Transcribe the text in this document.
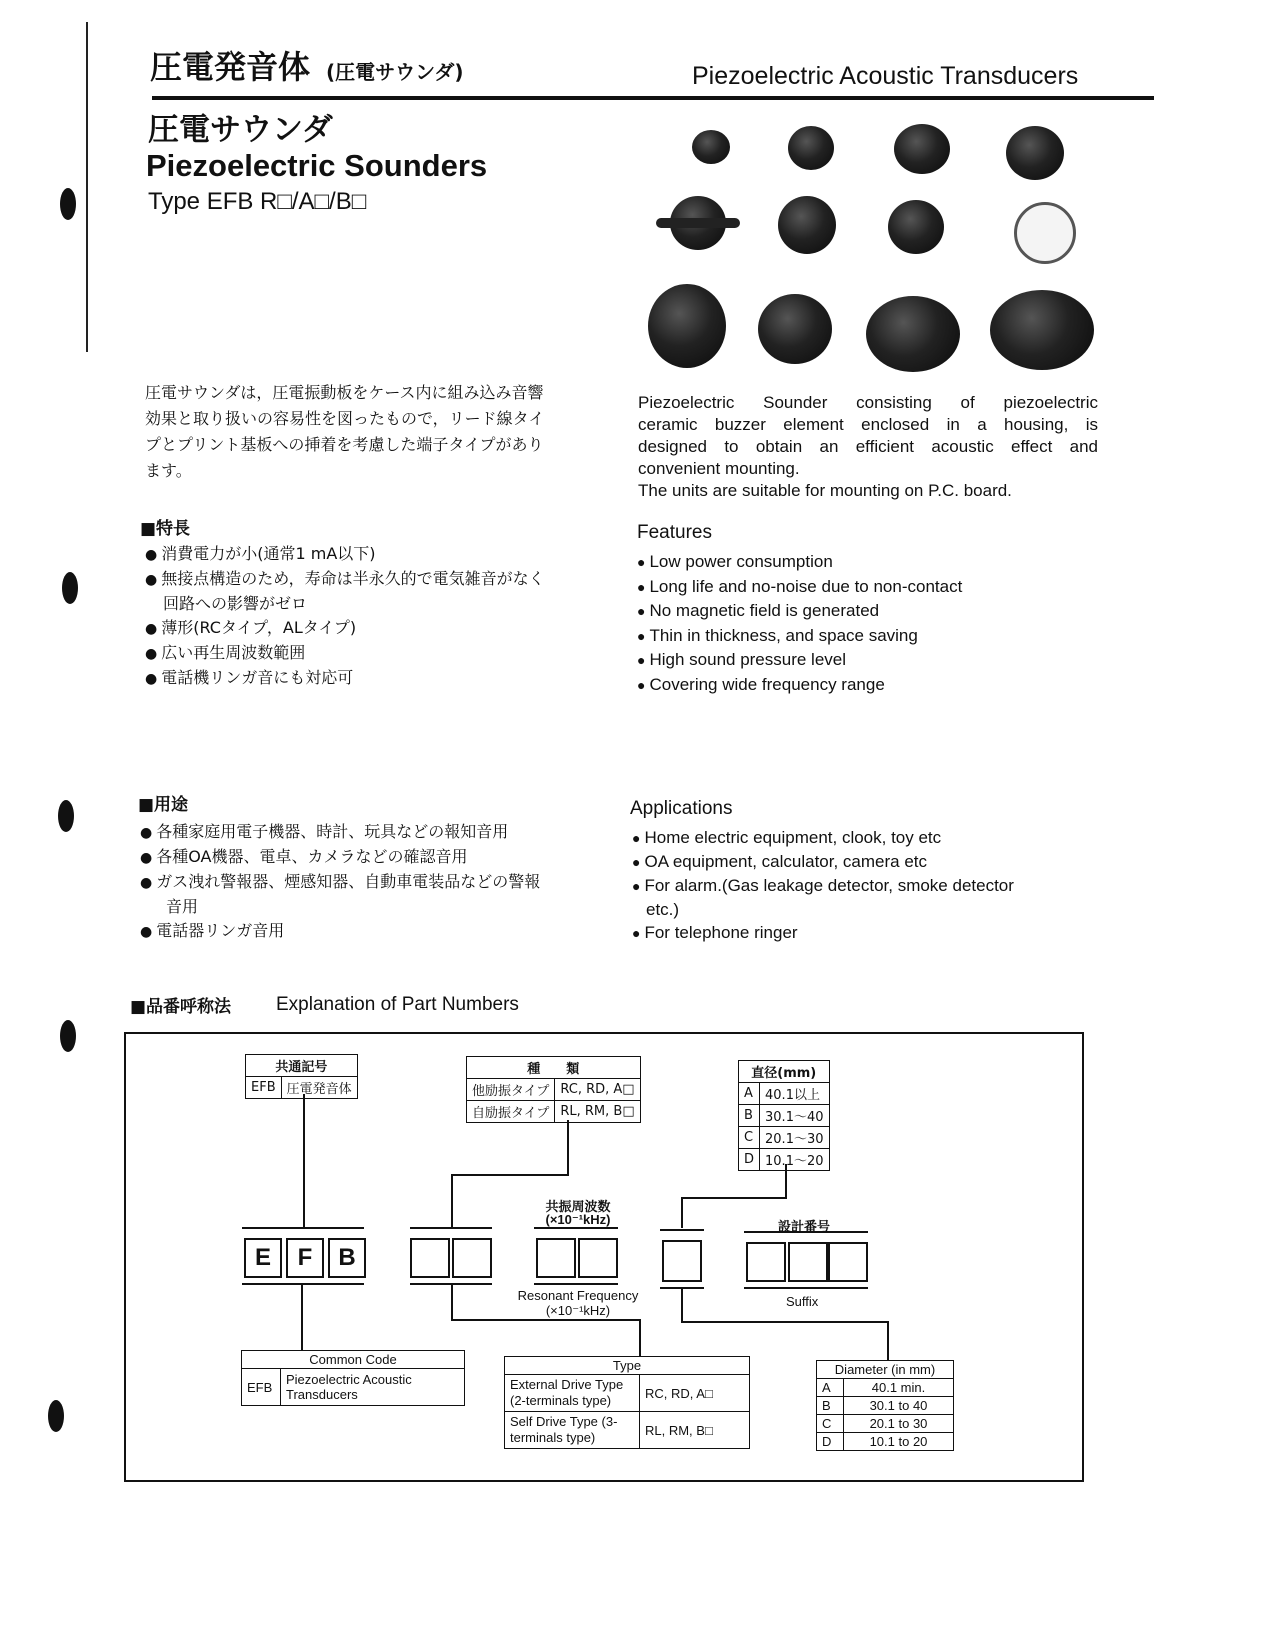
圧電発音体 (圧電サウンダ)	Piezoelectric Acoustic Transducers
圧電サウンダ
Piezoelectric Sounders
Type EFB R□/A□/B□
圧電サウンダは，圧電振動板をケース内に組み込み音響
効果と取り扱いの容易性を図ったもので，リード線タイ
プとプリント基板への挿着を考慮した端子タイプがあり
ます。
Piezoelectric Sounder consisting of piezoelectric
ceramic buzzer element enclosed in a housing, is
designed to obtain an efficient acoustic effect and
convenient mounting.
The units are suitable for mounting on P.C. board.
■特長
● 消費電力が小(通常1 mA以下)
● 無接点構造のため，寿命は半永久的で電気雑音がなく
回路への影響がゼロ
● 薄形(RCタイプ，ALタイプ)
● 広い再生周波数範囲
● 電話機リンガ音にも対応可
Features
● Low power consumption
● Long life and no-noise due to non-contact
● No magnetic field is generated
● Thin in thickness, and space saving
● High sound pressure level
● Covering wide frequency range
■用途
● 各種家庭用電子機器、時計、玩具などの報知音用
● 各種OA機器、電卓、カメラなどの確認音用
● ガス洩れ警報器、煙感知器、自動車電装品などの警報
音用
● 電話器リンガ音用
Applications
● Home electric equipment, clook, toy etc
● OA equipment, calculator, camera etc
● For alarm.(Gas leakage detector, smoke detector
etc.)
● For telephone ringer
■品番呼称法 Explanation of Part Numbers
共通記号
EFB	圧電発音体
種　　類	
他励振タイプ	RC, RD, A□
自励振タイプ	RL, RM, B□
直径(mm)	
A	40.1以上
B	30.1～40
C	20.1～30
D	10.1～20
共振周波数
(×10⁻¹kHz)
設計番号
E	F	B
Resonant Frequency
(×10⁻¹kHz)
Suffix
Common Code
EFB	Piezoelectric Acoustic Transducers
Type	
External Drive Type (2-terminals type)	RC, RD, A□
Self Drive Type (3-terminals type)	RL, RM, B□
Diameter (in mm)	
A	40.1 min.
B	30.1 to 40
C	20.1 to 30
D	10.1 to 20
